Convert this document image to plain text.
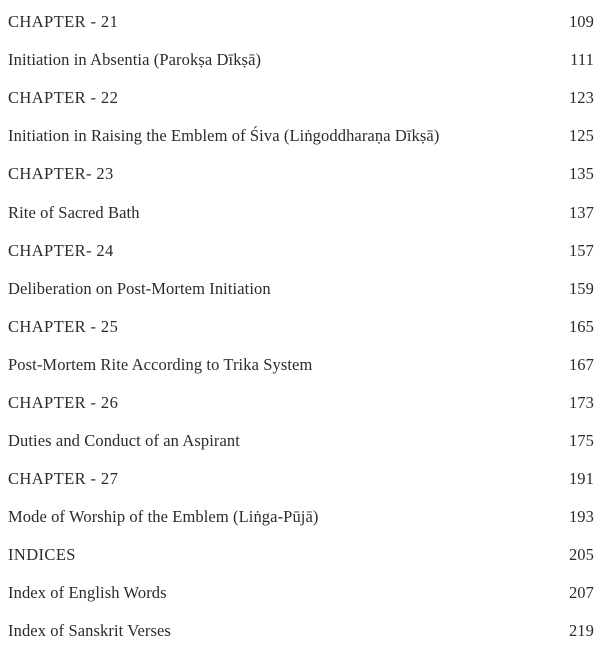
CHAPTER - 21	109
Initiation in Absentia (Parokṣa Dīkṣā)	111
CHAPTER - 22	123
Initiation in Raising the Emblem of Śiva (Liṅgoddharaṇa Dīkṣā)	125
CHAPTER- 23	135
Rite of Sacred Bath	137
CHAPTER- 24	157
Deliberation on Post-Mortem Initiation	159
CHAPTER - 25	165
Post-Mortem Rite According to Trika System	167
CHAPTER - 26	173
Duties and Conduct of an Aspirant	175
CHAPTER - 27	191
Mode of Worship of the Emblem (Liṅga-Pūjā)	193
INDICES	205
Index of English Words	207
Index of Sanskrit Verses	219
